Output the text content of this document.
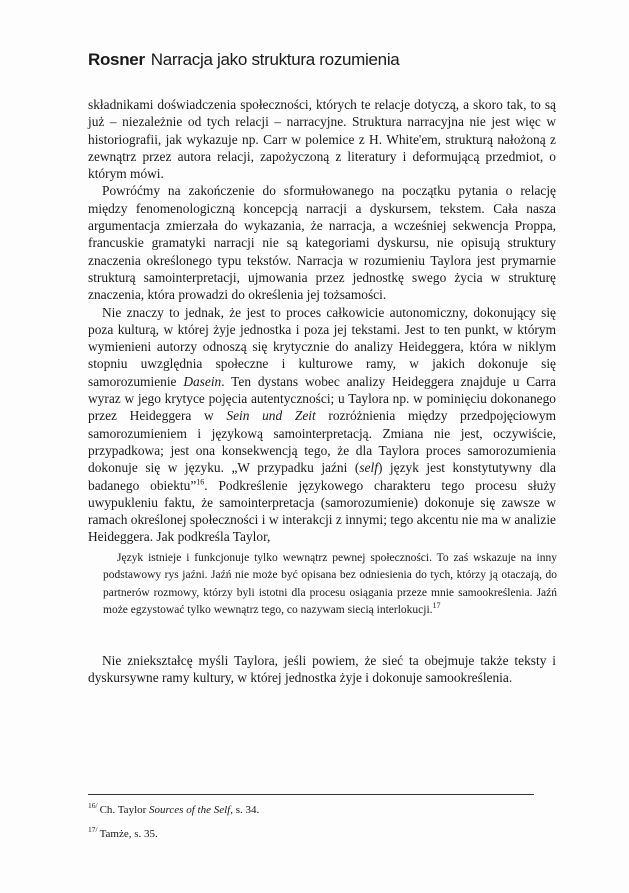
Rosner Narracja jako struktura rozumienia

składnikami doświadczenia społeczności, których te relacje dotyczą, a skoro tak, to są już – niezależnie od tych relacji – narracyjne. Struktura narracyjna nie jest więc w historiografii, jak wykazuje np. Carr w polemice z H. White'em, strukturą nałożoną z zewnątrz przez autora relacji, zapożyczoną z literatury i deformującą przedmiot, o którym mówi.

Powróćmy na zakończenie do sformułowanego na początku pytania o relację między fenomenologiczną koncepcją narracji a dyskursem, tekstem. Cała nasza argumentacja zmierzała do wykazania, że narracja, a wcześniej sekwencja Proppa, francuskie gramatyki narracji nie są kategoriami dyskursu, nie opisują struktury znaczenia określonego typu tekstów. Narracja w rozumieniu Taylora jest prymarnie strukturą samointerpretacji, ujmowania przez jednostkę swego życia w strukturę znaczenia, która prowadzi do określenia jej tożsamości.

Nie znaczy to jednak, że jest to proces całkowicie autonomiczny, dokonujący się poza kulturą, w której żyje jednostka i poza jej tekstami. Jest to ten punkt, w którym wymienieni autorzy odnoszą się krytycznie do analizy Heideggera, która w niklym stopniu uwzględnia społeczne i kulturowe ramy, w jakich dokonuje się samorozumienie Dasein. Ten dystans wobec analizy Heideggera znajduje u Carra wyraz w jego krytyce pojęcia autentyczności; u Taylora np. w pominięciu dokonanego przez Heideggera w Sein und Zeit rozróżnienia między przedpojęciowym samorozumieniem i językową samointerpretacją. Zmiana nie jest, oczywiście, przypadkowa; jest ona konsekwencją tego, że dla Taylora proces samorozumienia dokonuje się w języku. „W przypadku jaźni (self) język jest konstytutywny dla badanego obiektu”$^{16}$. Podkreślenie językowego charakteru tego procesu służy uwypukleniu faktu, że samointerpretacja (samorozumienie) dokonuje się zawsze w ramach określonej społeczności i w interakcji z innymi; tego akcentu nie ma w analizie Heideggera. Jak podkreśla Taylor,

Język istnieje i funkcjonuje tylko wewnątrz pewnej społeczności. To zaś wskazuje na inny podstawowy rys jaźni. Jaźń nie może być opisana bez odniesienia do tych, którzy ją otaczają, do partnerów rozmowy, którzy byli istotni dla procesu osiągania przeze mnie samookreślenia. Jaźń może egzystować tylko wewnątrz tego, co nazywam siecią interlokucji.$^{17}$

Nie zniekształcę myśli Taylora, jeśli powiem, że sieć ta obejmuje także teksty i dyskursywne ramy kultury, w której jednostka żyje i dokonuje samookreślenia.

$^{16/}$ Ch. Taylor Sources of the Self, s. 34.
$^{17/}$ Tamże, s. 35.
